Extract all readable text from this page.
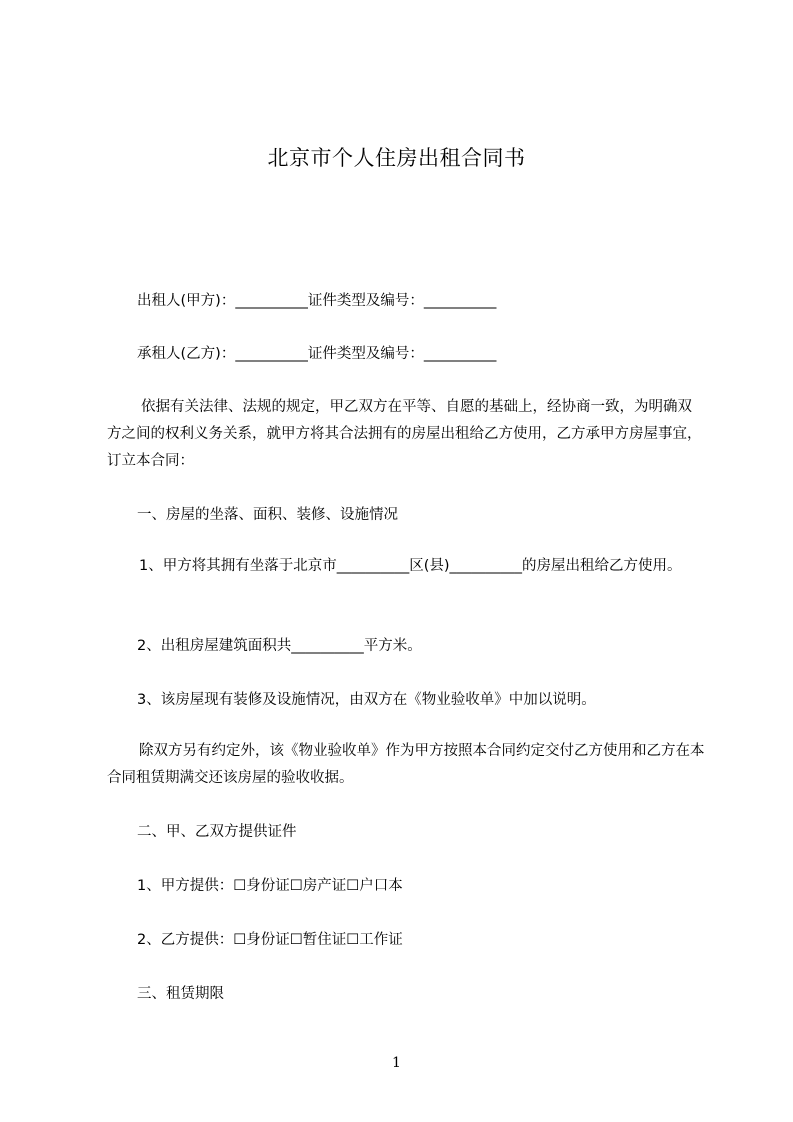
北京市个人住房出租合同书
出租人(甲方)：__________证件类型及编号：__________
承租人(乙方)：__________证件类型及编号：__________
依据有关法律、法规的规定，甲乙双方在平等、自愿的基础上，经协商一致，为明确双方之间的权利义务关系，就甲方将其合法拥有的房屋出租给乙方使用，乙方承甲方房屋事宜，订立本合同：
一、房屋的坐落、面积、装修、设施情况
1、甲方将其拥有坐落于北京市__________区(县)__________的房屋出租给乙方使用。
2、出租房屋建筑面积共__________平方米。
3、该房屋现有装修及设施情况，由双方在《物业验收单》中加以说明。
除双方另有约定外，该《物业验收单》作为甲方按照本合同约定交付乙方使用和乙方在本合同租赁期满交还该房屋的验收收据。
二、甲、乙双方提供证件
1、甲方提供：☐身份证☐房产证☐户口本
2、乙方提供：☐身份证☐暂住证☐工作证
三、租赁期限
1
